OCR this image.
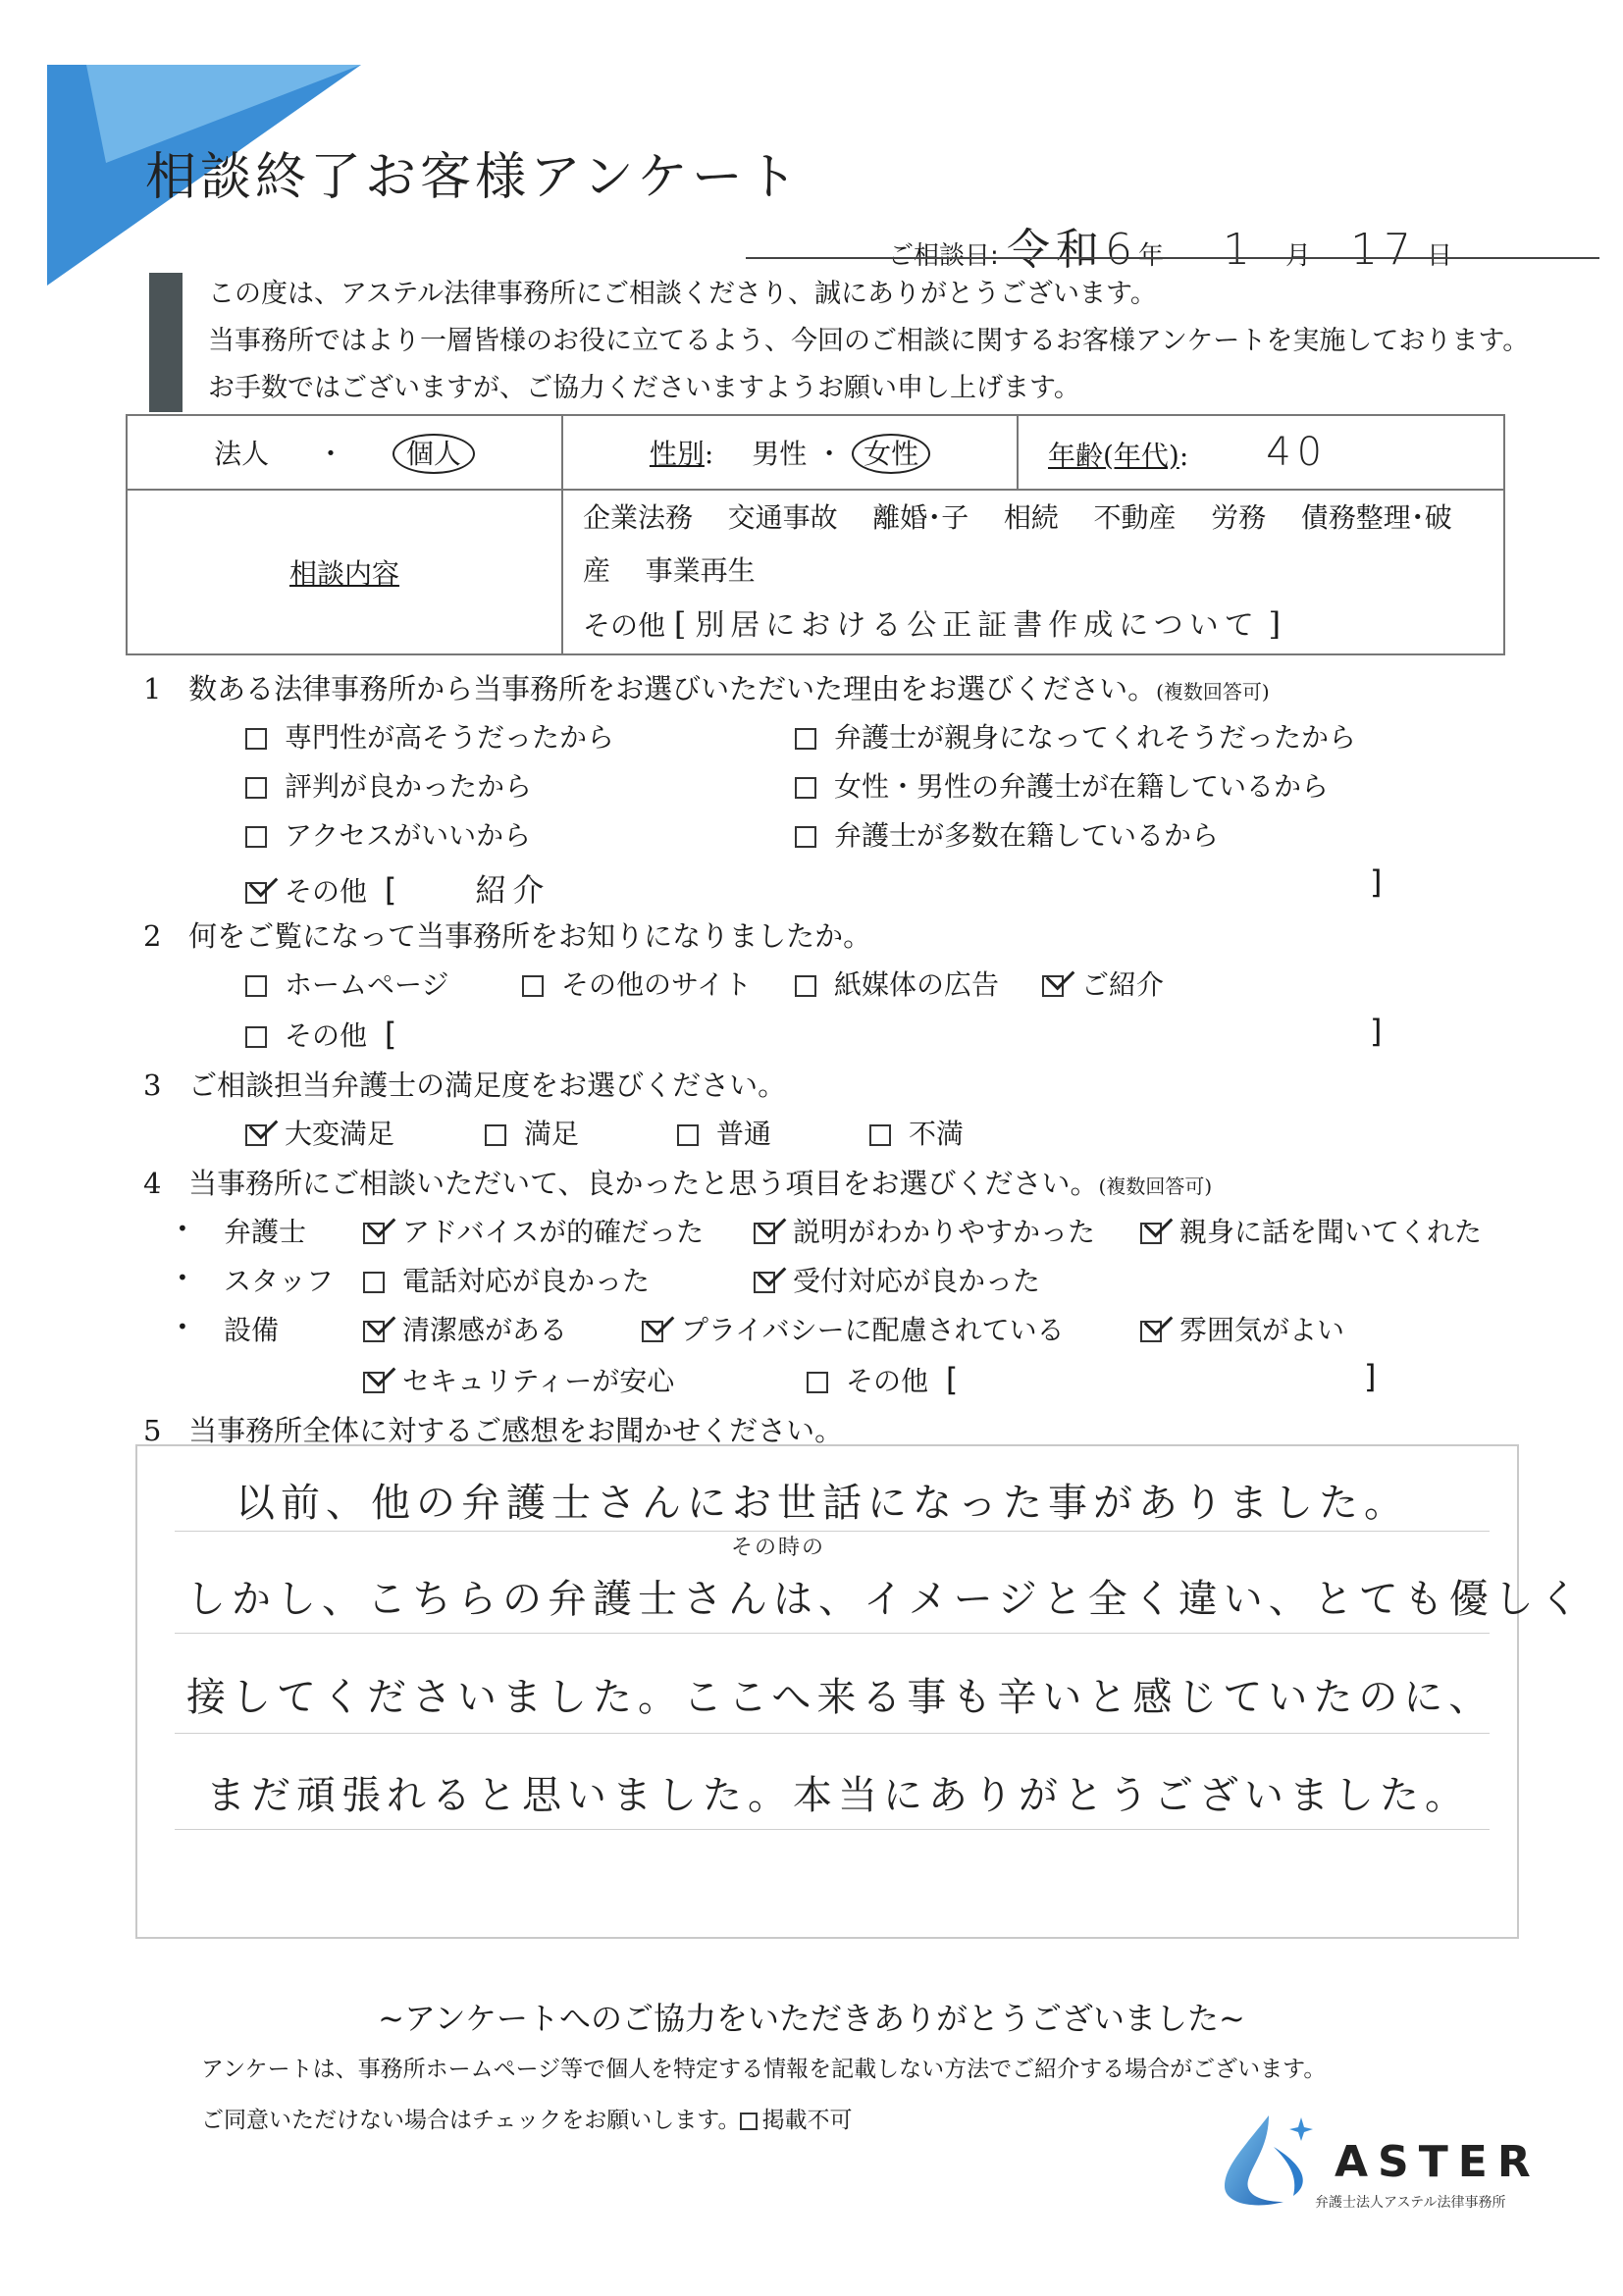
相談終了お客様アンケート
ご相談日: 令和6年 1 月 17 日
この度は、アステル法律事務所にご相談くださり、誠にありがとうございます。
当事務所ではより一層皆様のお役に立てるよう、今回のご相談に関するお客様アンケートを実施しております。
お手数ではございますが、ご協力くださいますようお願い申し上げます。
法人 ・ 個人	性別: 男性 ・ 女性	年齢(年代): 40
相談内容	企業法務 交通事故 離婚･子 相続 不動産 労務 債務整理･破産 事業再生
その他 [ 別居における公正証書作成について ]	
1 数ある法律事務所から当事務所をお選びいただいた理由をお選びください。(複数回答可)
専門性が高そうだったから	弁護士が親身になってくれそうだったから
評判が良かったから	女性・男性の弁護士が在籍しているから
アクセスがいいから	弁護士が多数在籍しているから
その他 [	紹介	]
2 何をご覧になって当事務所をお知りになりましたか。
ホームページ	その他のサイト	紙媒体の広告	ご紹介
その他 [	]
3 ご相談担当弁護士の満足度をお選びください。
大変満足	満足	普通	不満
4 当事務所にご相談いただいて、良かったと思う項目をお選びください。(複数回答可)
• 弁護士	アドバイスが的確だった	説明がわかりやすかった	親身に話を聞いてくれた
• スタッフ	電話対応が良かった	受付対応が良かった
• 設備	清潔感がある	プライバシーに配慮されている	雰囲気がよい
セキュリティーが安心	その他 [	]
5 当事務所全体に対するご感想をお聞かせください。
その時の
以前、他の弁護士さんにお世話になった事がありました。
しかし、こちらの弁護士さんは、イメージと全く違い、とても優しく
接してくださいました。ここへ来る事も辛いと感じていたのに、
まだ頑張れると思いました。本当にありがとうございました。
~アンケートへのご協力をいただきありがとうございました~
アンケートは、事務所ホームページ等で個人を特定する情報を記載しない方法でご紹介する場合がございます。
ご同意いただけない場合はチェックをお願いします。 掲載不可
ASTER
弁護士法人アステル法律事務所
